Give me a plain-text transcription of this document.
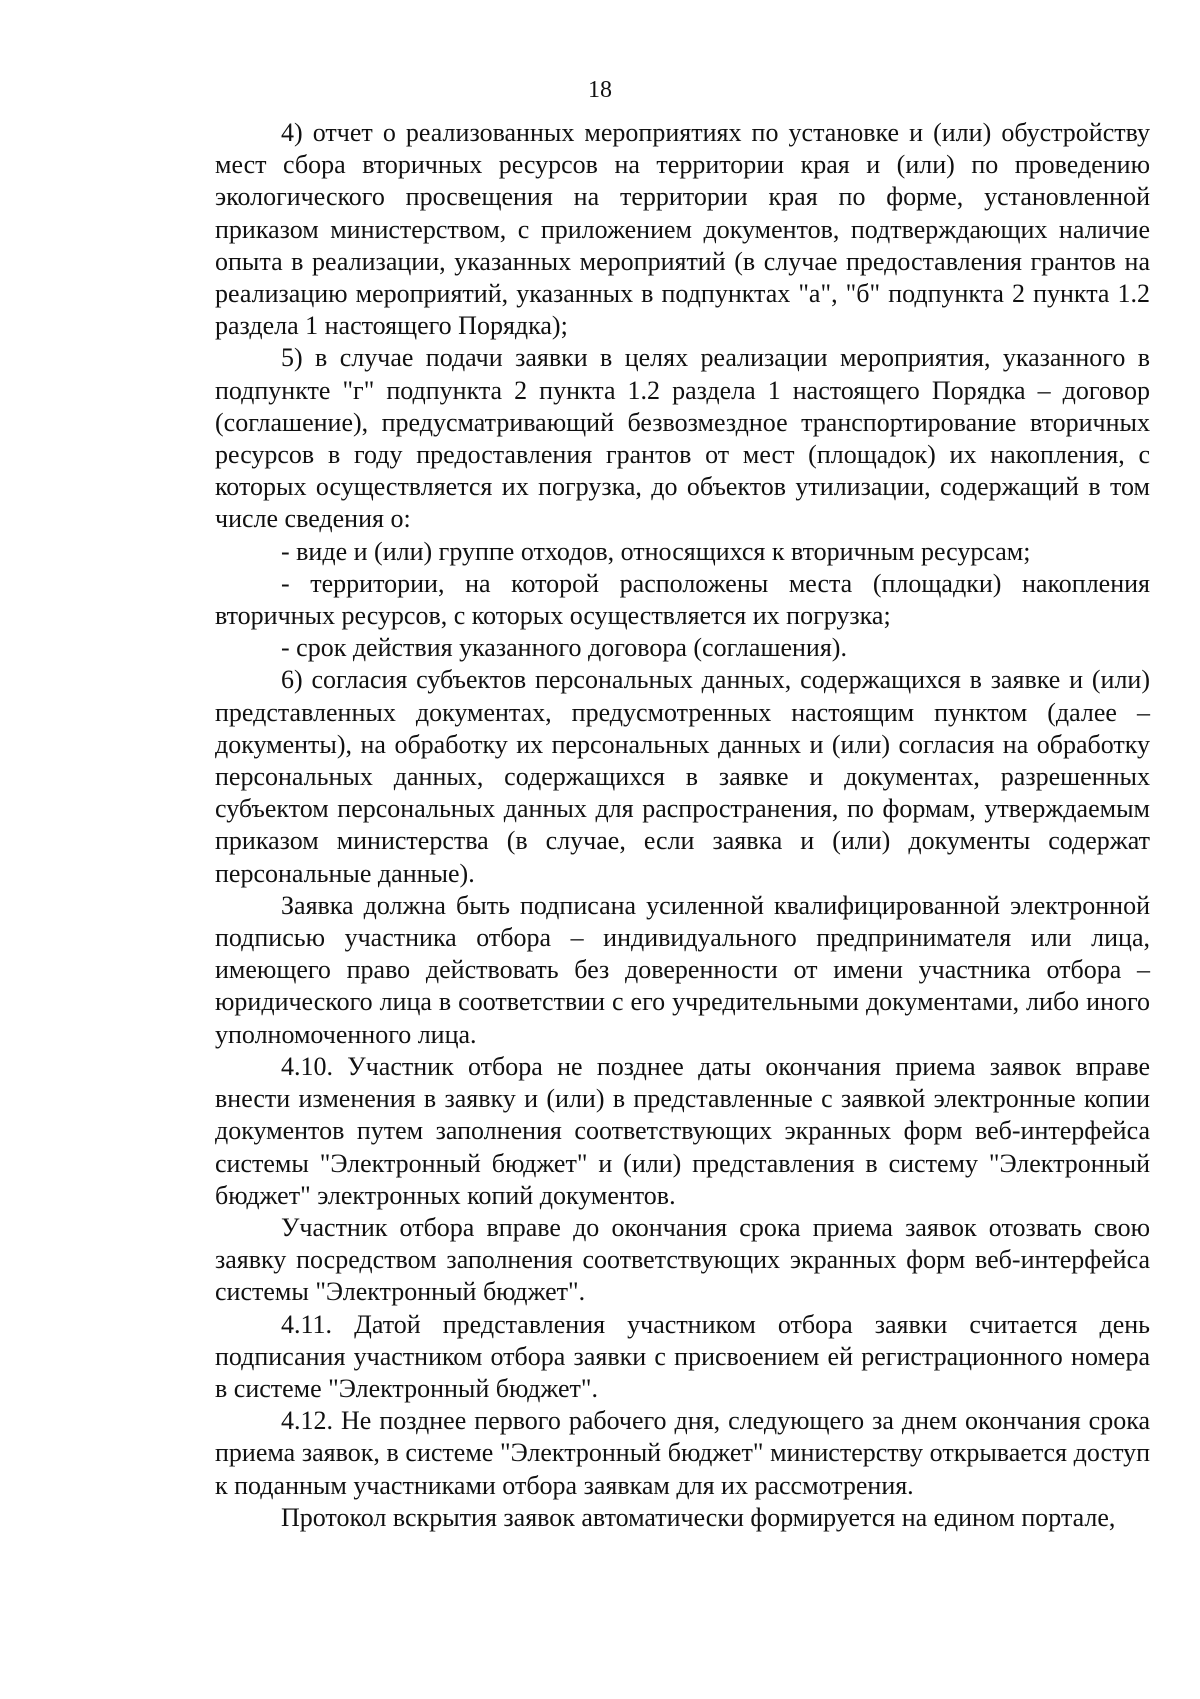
18

4) отчет о реализованных мероприятиях по установке и (или) обустройству мест сбора вторичных ресурсов на территории края и (или) по проведению экологического просвещения на территории края по форме, установленной приказом министерством, с приложением документов, подтверждающих наличие опыта в реализации, указанных мероприятий (в случае предоставления грантов на реализацию мероприятий, указанных в подпунктах "а", "б" подпункта 2 пункта 1.2 раздела 1 настоящего Порядка);

5) в случае подачи заявки в целях реализации мероприятия, указанного в подпункте "г" подпункта 2 пункта 1.2 раздела 1 настоящего Порядка – договор (соглашение), предусматривающий безвозмездное транспортирование вторичных ресурсов в году предоставления грантов от мест (площадок) их накопления, с которых осуществляется их погрузка, до объектов утилизации, содержащий в том числе сведения о:

- виде и (или) группе отходов, относящихся к вторичным ресурсам;

- территории, на которой расположены места (площадки) накопления вторичных ресурсов, с которых осуществляется их погрузка;

- срок действия указанного договора (соглашения).

6) согласия субъектов персональных данных, содержащихся в заявке и (или) представленных документах, предусмотренных настоящим пунктом (далее – документы), на обработку их персональных данных и (или) согласия на обработку персональных данных, содержащихся в заявке и документах, разрешенных субъектом персональных данных для распространения, по формам, утверждаемым приказом министерства (в случае, если заявка и (или) документы содержат персональные данные).

Заявка должна быть подписана усиленной квалифицированной электронной подписью участника отбора – индивидуального предпринимателя или лица, имеющего право действовать без доверенности от имени участника отбора – юридического лица в соответствии с его учредительными документами, либо иного уполномоченного лица.

4.10. Участник отбора не позднее даты окончания приема заявок вправе внести изменения в заявку и (или) в представленные с заявкой электронные копии документов путем заполнения соответствующих экранных форм веб-интерфейса системы "Электронный бюджет" и (или) представления в систему "Электронный бюджет" электронных копий документов.

Участник отбора вправе до окончания срока приема заявок отозвать свою заявку посредством заполнения соответствующих экранных форм веб-интерфейса системы "Электронный бюджет".

4.11. Датой представления участником отбора заявки считается день подписания участником отбора заявки с присвоением ей регистрационного номера в системе "Электронный бюджет".

4.12. Не позднее первого рабочего дня, следующего за днем окончания срока приема заявок, в системе "Электронный бюджет" министерству открывается доступ к поданным участниками отбора заявкам для их рассмотрения.

Протокол вскрытия заявок автоматически формируется на едином портале,
